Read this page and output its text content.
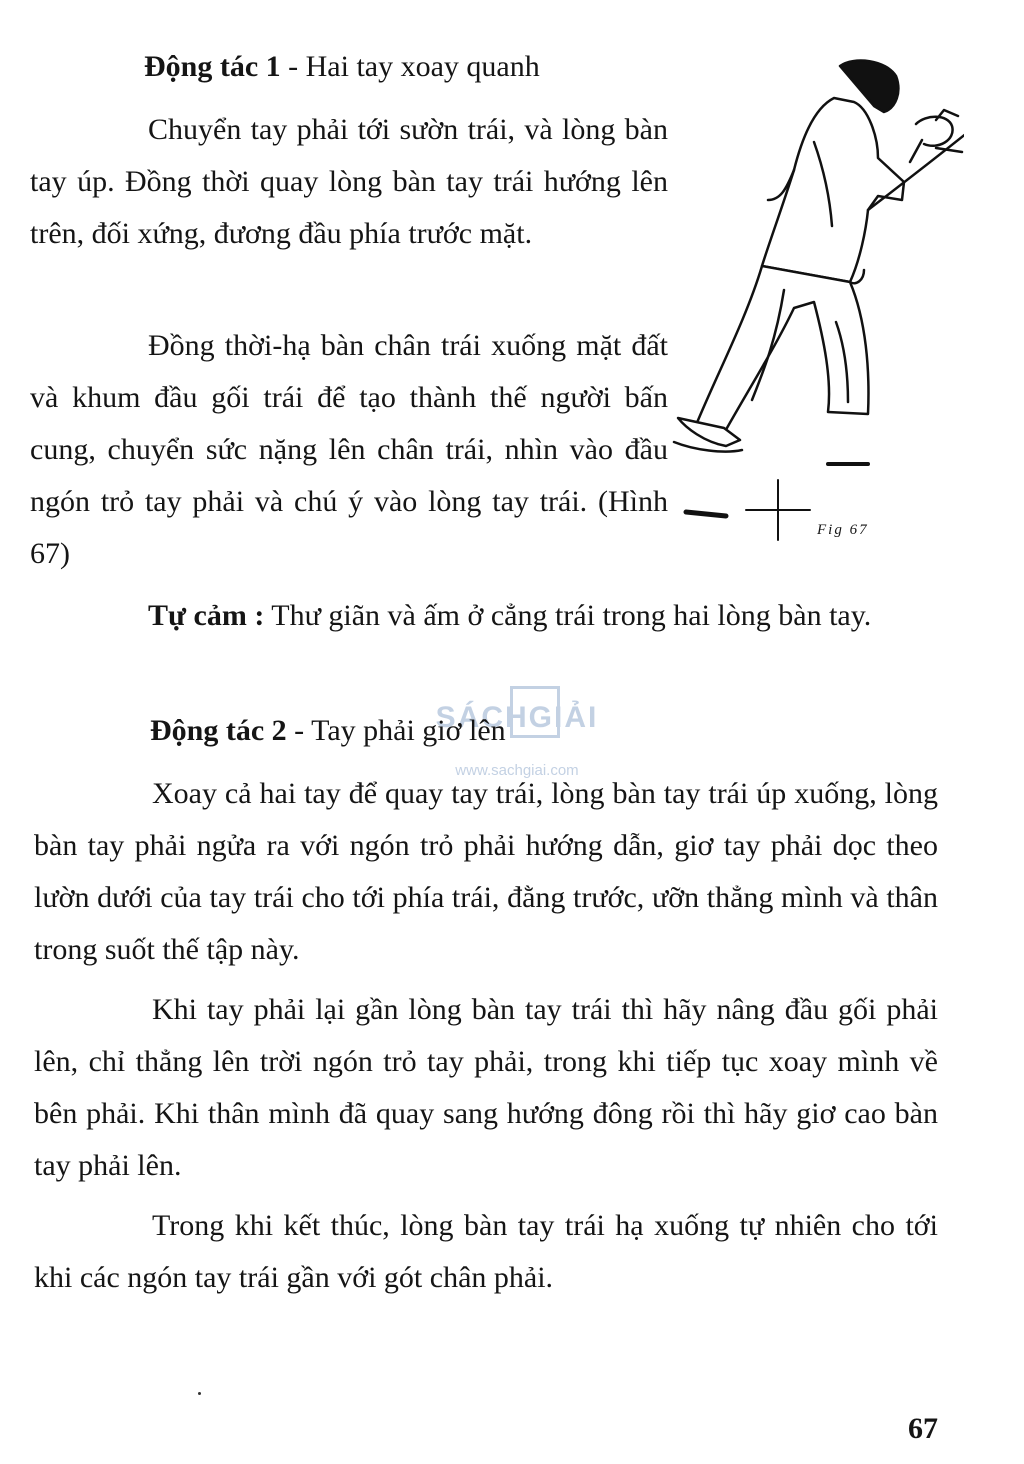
Động tác 1 - Hai tay xoay quanh

Chuyển tay phải tới sườn trái, và lòng bàn tay úp. Đồng thời quay lòng bàn tay trái hướng lên trên, đối xứng, đương đầu phía trước mặt.

Đồng thời-hạ bàn chân trái xuống mặt đất và khum đầu gối trái để tạo thành thế người bấn cung, chuyển sức nặng lên chân trái, nhìn vào đầu ngón trỏ tay phải và chú ý vào lòng tay trái. (Hình 67)

Fig 67

Tự cảm : Thư giãn và ấm ở cẳng trái trong hai lòng bàn tay.

SÁCHGIẢI
www.sachgiai.com
Động tác 2 - Tay phải giơ lên

Xoay cả hai tay để quay tay trái, lòng bàn tay trái úp xuống, lòng bàn tay phải ngửa ra với ngón trỏ phải hướng dẫn, giơ tay phải dọc theo lườn dưới của tay trái cho tới phía trái, đằng trước, ưỡn thẳng mình và thân trong suốt thế tập này.

Khi tay phải lại gần lòng bàn tay trái thì hãy nâng đầu gối phải lên, chỉ thẳng lên trời ngón trỏ tay phải, trong khi tiếp tục xoay mình về bên phải. Khi thân mình đã quay sang hướng đông rồi thì hãy giơ cao bàn tay phải lên.

Trong khi kết thúc, lòng bàn tay trái hạ xuống tự nhiên cho tới khi các ngón tay trái gần với gót chân phải.

67
